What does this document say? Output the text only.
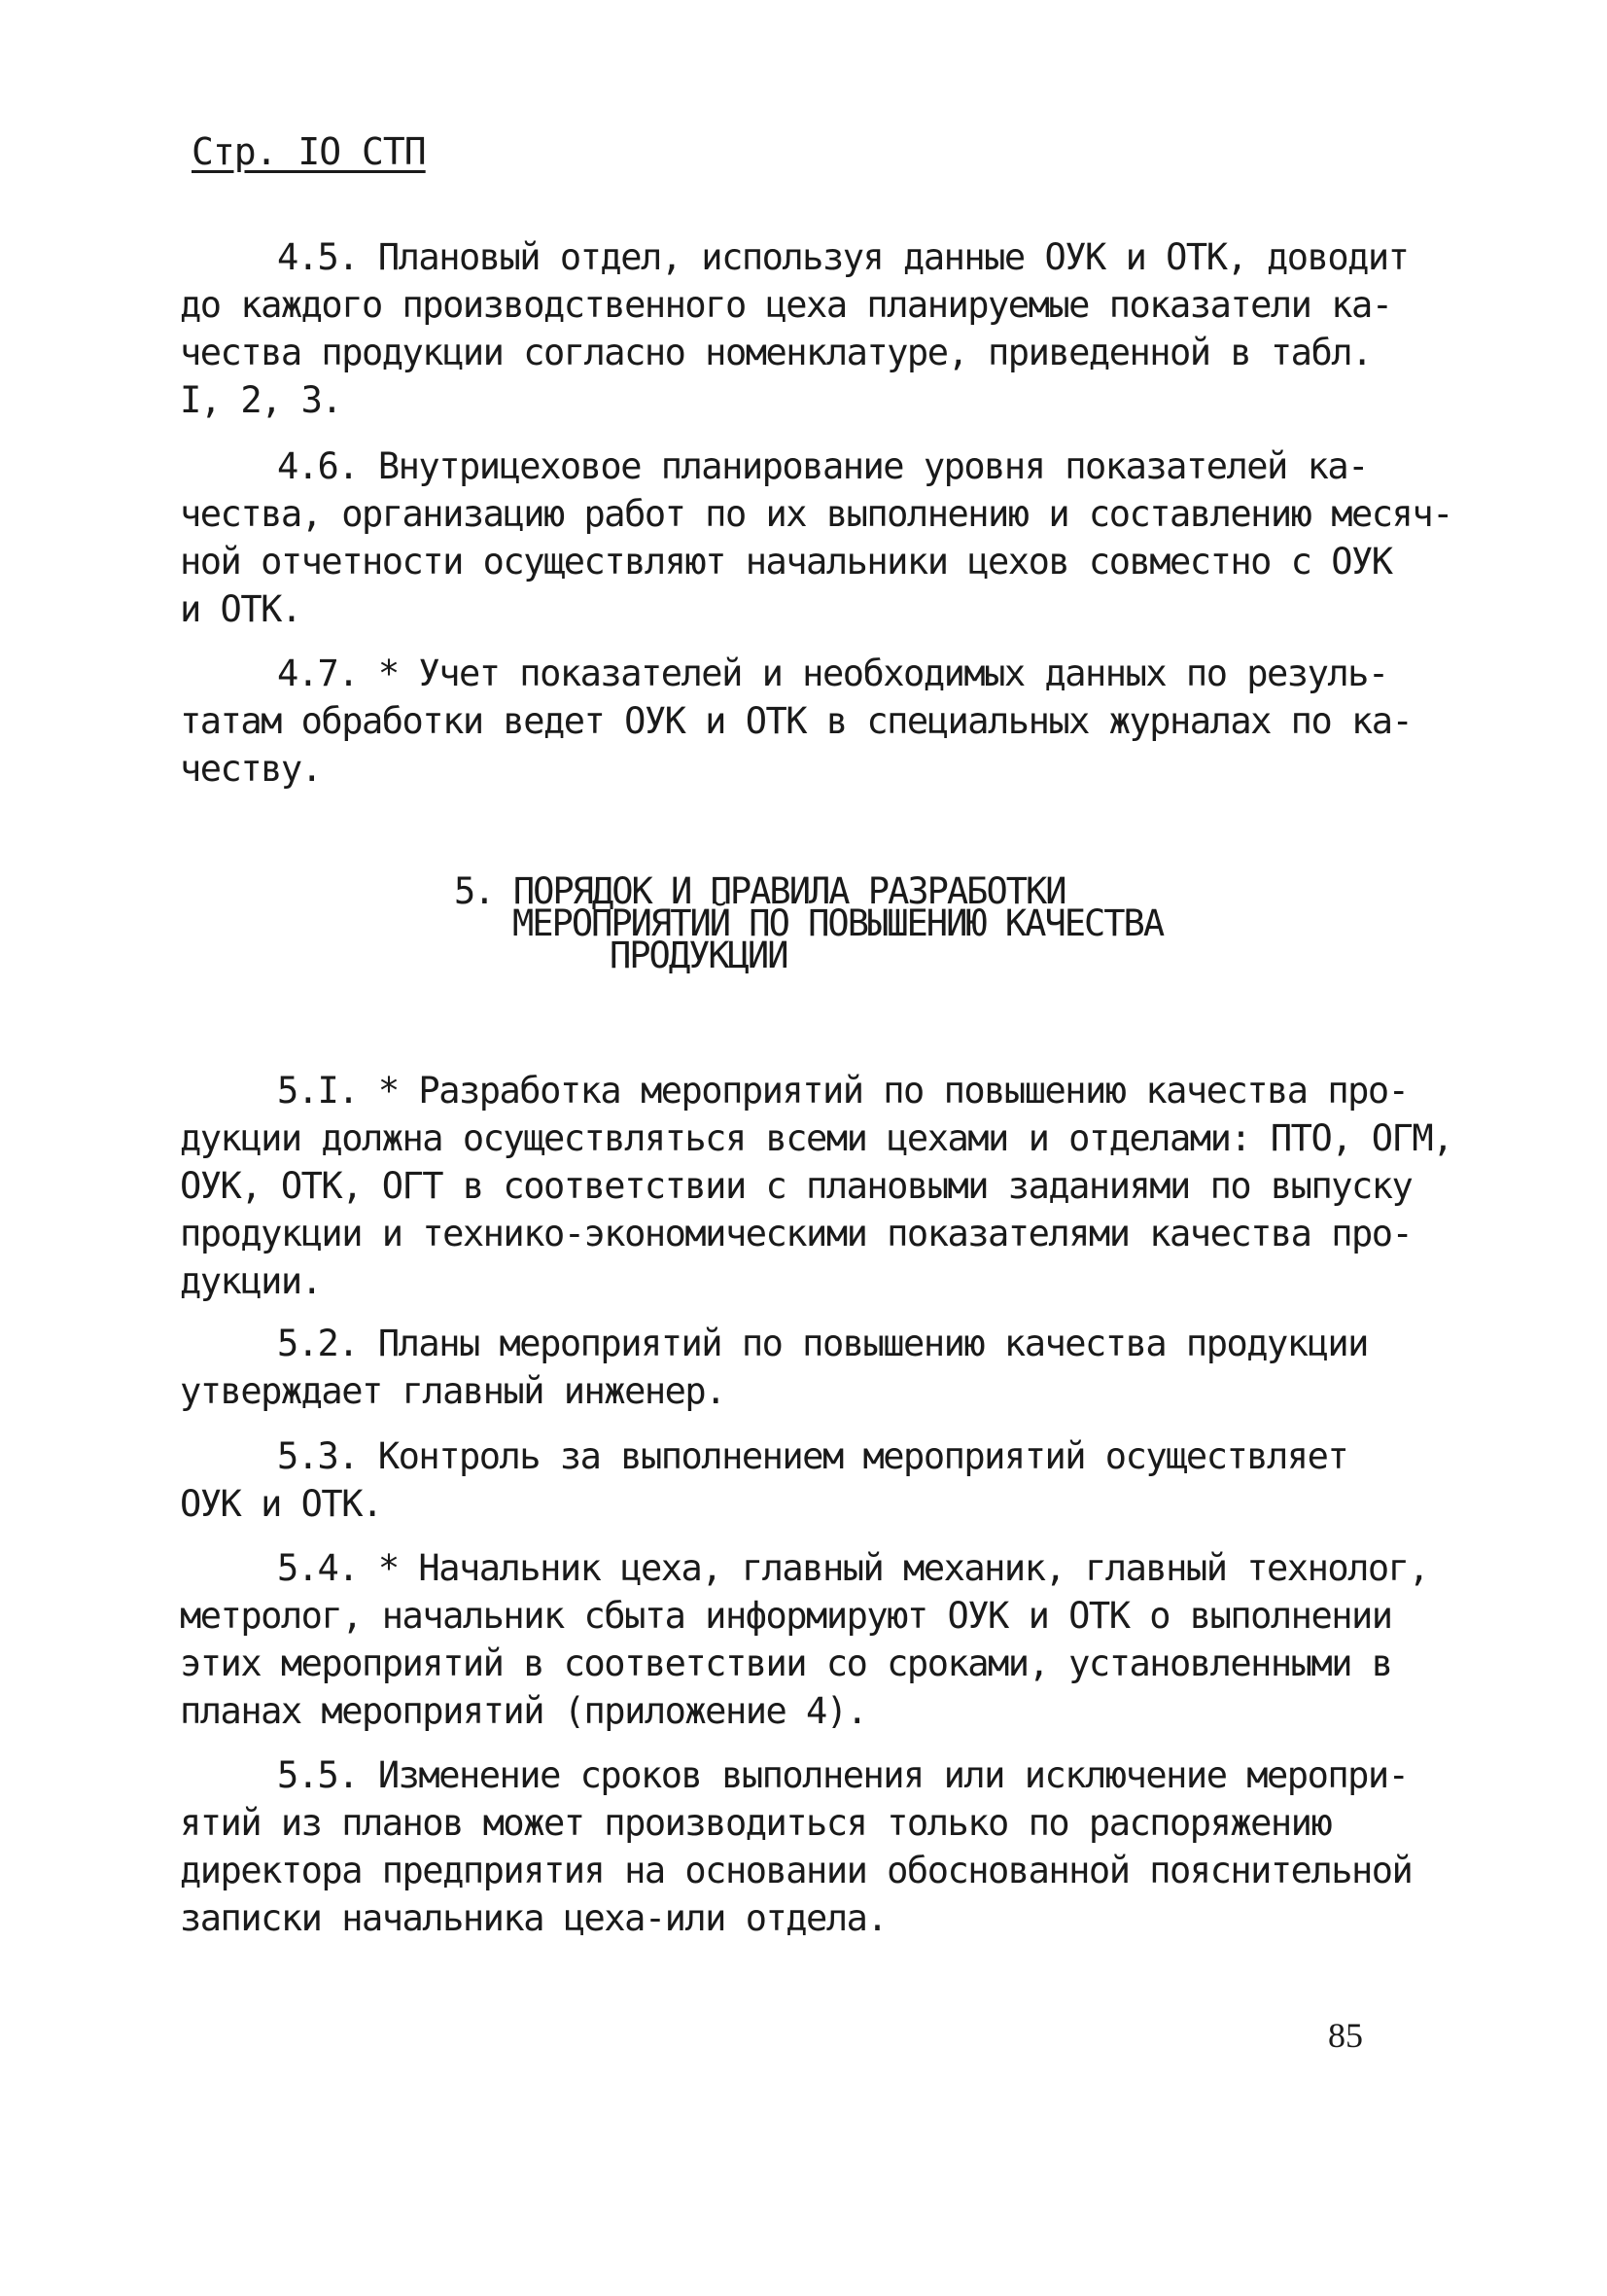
Стр. IO СТП
4.5. Плановый отдел, используя данные ОУК и ОТК, доводит
до каждого производственного цеха планируемые показатели ка-
чества продукции согласно номенклатуре, приведенной в табл.
I, 2, 3.
4.6. Внутрицеховое планирование уровня показателей ка-
чества, организацию работ по их выполнению и составлению месяч-
ной отчетности осуществляют начальники цехов совместно с ОУК
и ОТК.
4.7. * Учет показателей и необходимых данных по резуль-
татам обработки ведет ОУК и ОТК в специальных журналах по ка-
честву.
5. ПОРЯДОК И ПРАВИЛА РАЗРАБОТКИ
МЕРОПРИЯТИЙ ПО ПОВЫШЕНИЮ КАЧЕСТВА
ПРОДУКЦИИ
5.I. * Разработка мероприятий по повышению качества про-
дукции должна осуществляться всеми цехами и отделами: ПТО, ОГМ,
ОУК, ОТК, ОГТ в соответствии с плановыми заданиями по выпуску
продукции и технико-экономическими показателями качества про-
дукции.
5.2. Планы мероприятий по повышению качества продукции
утверждает главный инженер.
5.3. Контроль за выполнением мероприятий осуществляет
ОУК и ОТК.
5.4. * Начальник цеха, главный механик, главный технолог,
метролог, начальник сбыта информируют ОУК и ОТК о выполнении
этих мероприятий в соответствии со сроками, установленными в
планах мероприятий (приложение 4).
5.5. Изменение сроков выполнения или исключение меропри-
ятий из планов может производиться только по распоряжению
директора предприятия на основании обоснованной пояснительной
записки начальника цеха-или отдела.
85
